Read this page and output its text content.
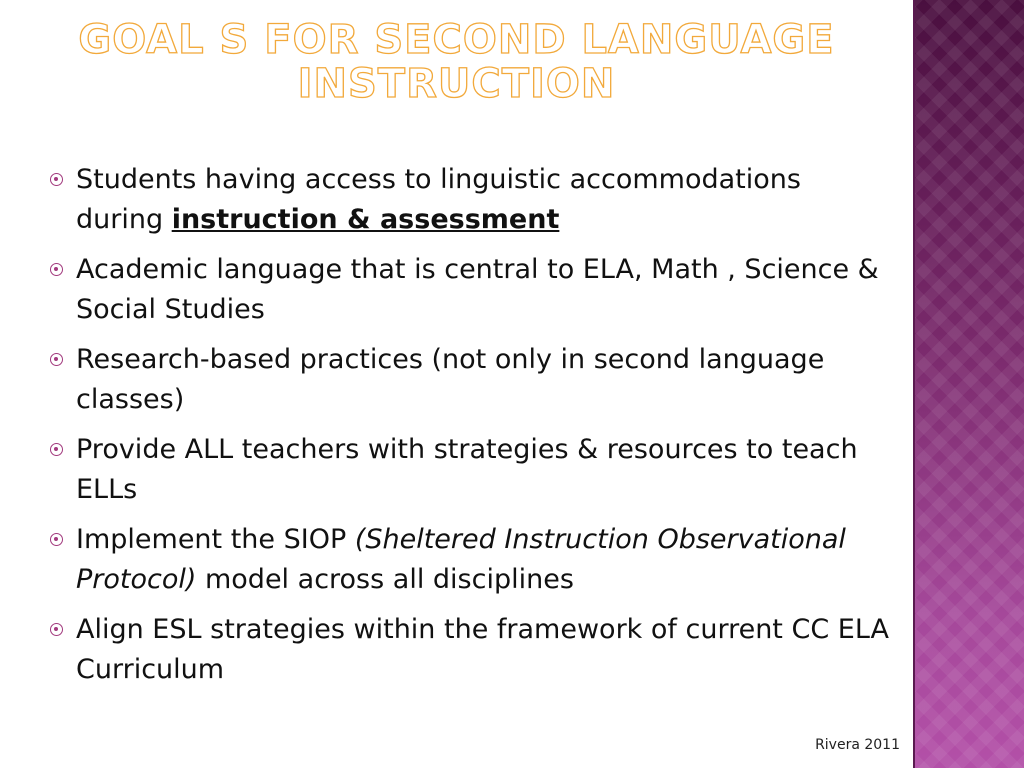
GOAL S FOR SECOND LANGUAGE
INSTRUCTION
Students having access to linguistic accommodations during instruction & assessment
Academic language that is central to ELA, Math , Science & Social Studies
Research-based practices (not only in second language classes)
Provide ALL teachers with strategies & resources to teach ELLs
Implement the SIOP (Sheltered Instruction Observational Protocol) model across all disciplines
Align ESL strategies within the framework of current CC ELA Curriculum
Rivera 2011
